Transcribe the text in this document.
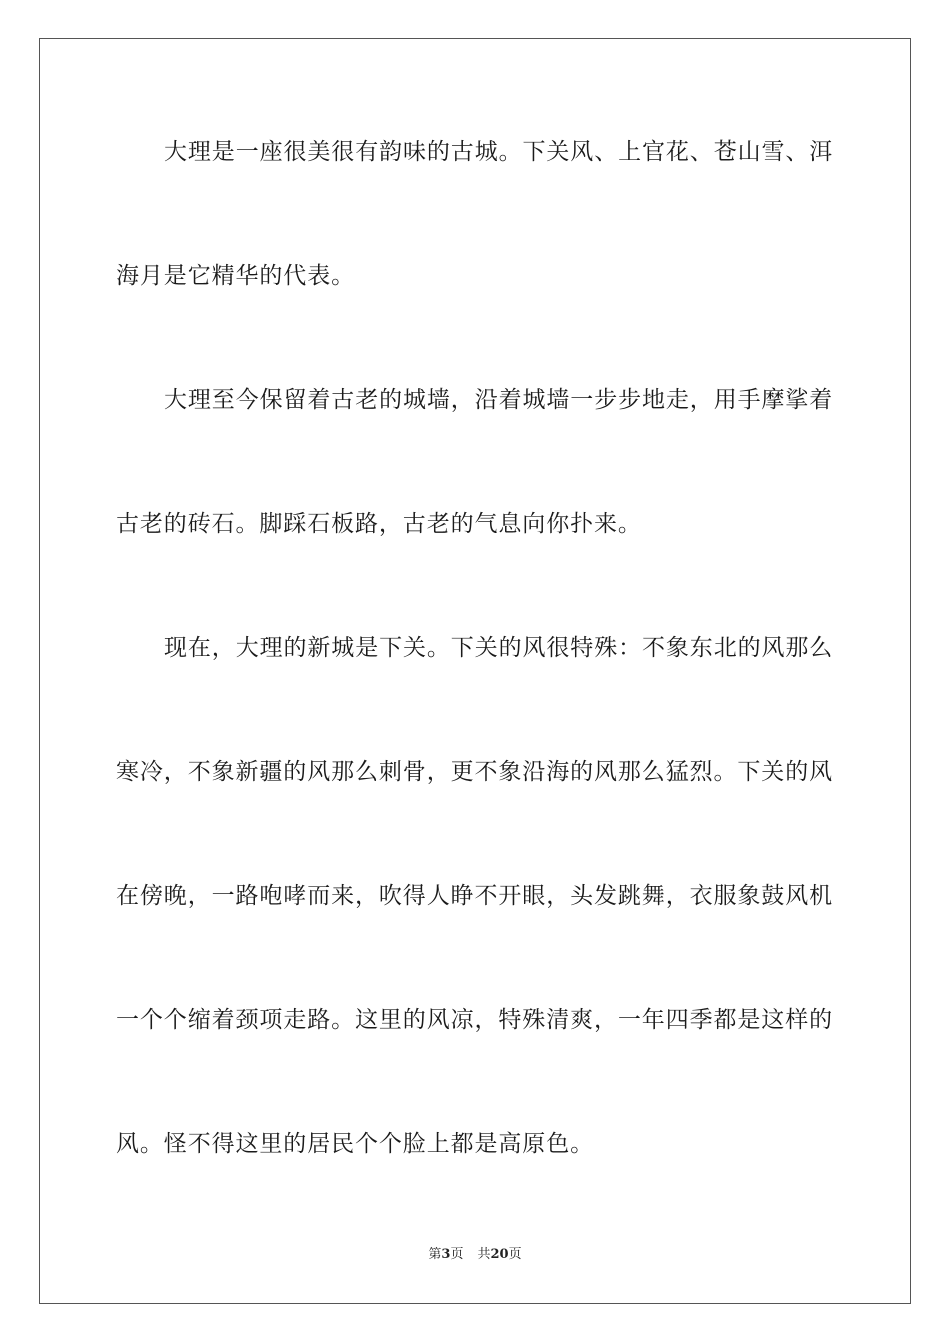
大理是一座很美很有韵味的古城。下关风、上官花、苍山雪、洱
海月是它精华的代表。
大理至今保留着古老的城墙，沿着城墙一步步地走，用手摩挲着
古老的砖石。脚踩石板路，古老的气息向你扑来。
现在，大理的新城是下关。下关的风很特殊：不象东北的风那么
寒冷，不象新疆的风那么刺骨，更不象沿海的风那么猛烈。下关的风
在傍晚，一路咆哮而来，吹得人睁不开眼，头发跳舞，衣服象鼓风机
一个个缩着颈项走路。这里的风凉，特殊清爽，一年四季都是这样的
风。怪不得这里的居民个个脸上都是高原色。
第3页 共20页
